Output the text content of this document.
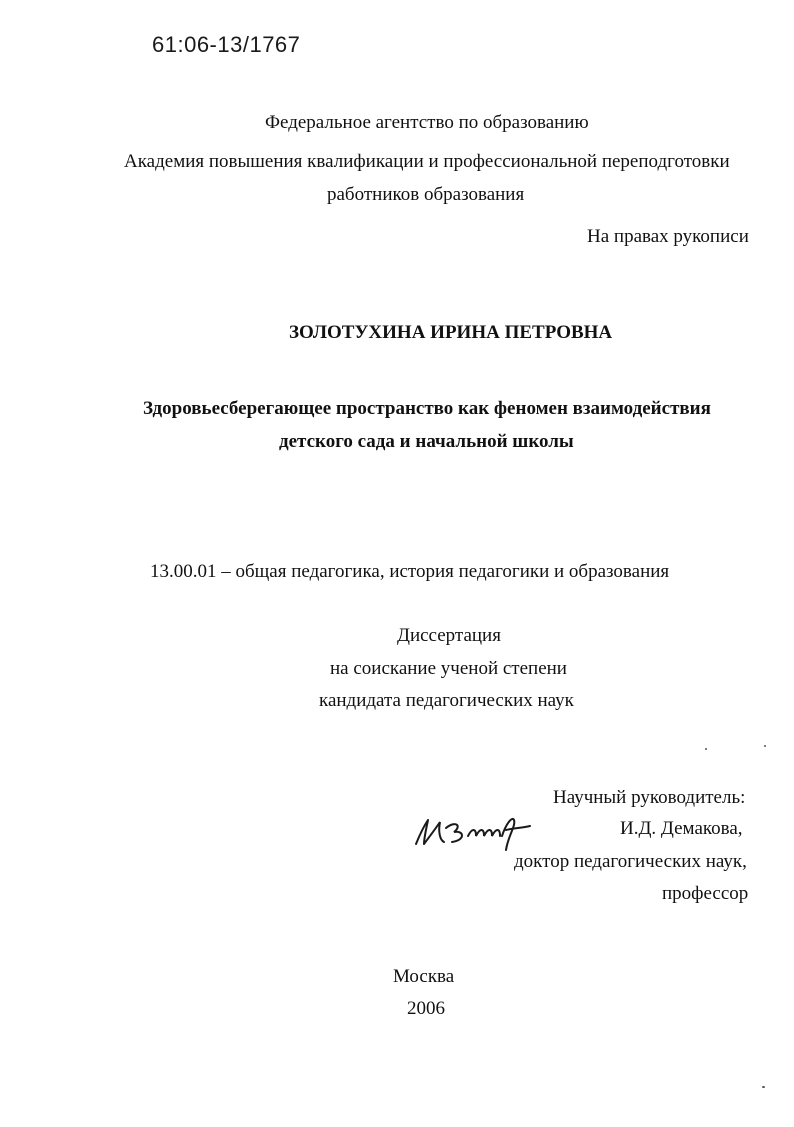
61:06-13/1767
Федеральное агентство по образованию
Академия повышения квалификации и профессиональной переподготовки
работников образования
На правах рукописи
ЗОЛОТУХИНА ИРИНА ПЕТРОВНА
Здоровьесберегающее пространство как феномен взаимодействия
детского сада и начальной школы
13.00.01 – общая педагогика, история педагогики и образования
Диссертация
на соискание ученой степени
кандидата педагогических наук
Научный руководитель:
И.Д. Демакова,
доктор педагогических наук,
профессор
Москва
2006
